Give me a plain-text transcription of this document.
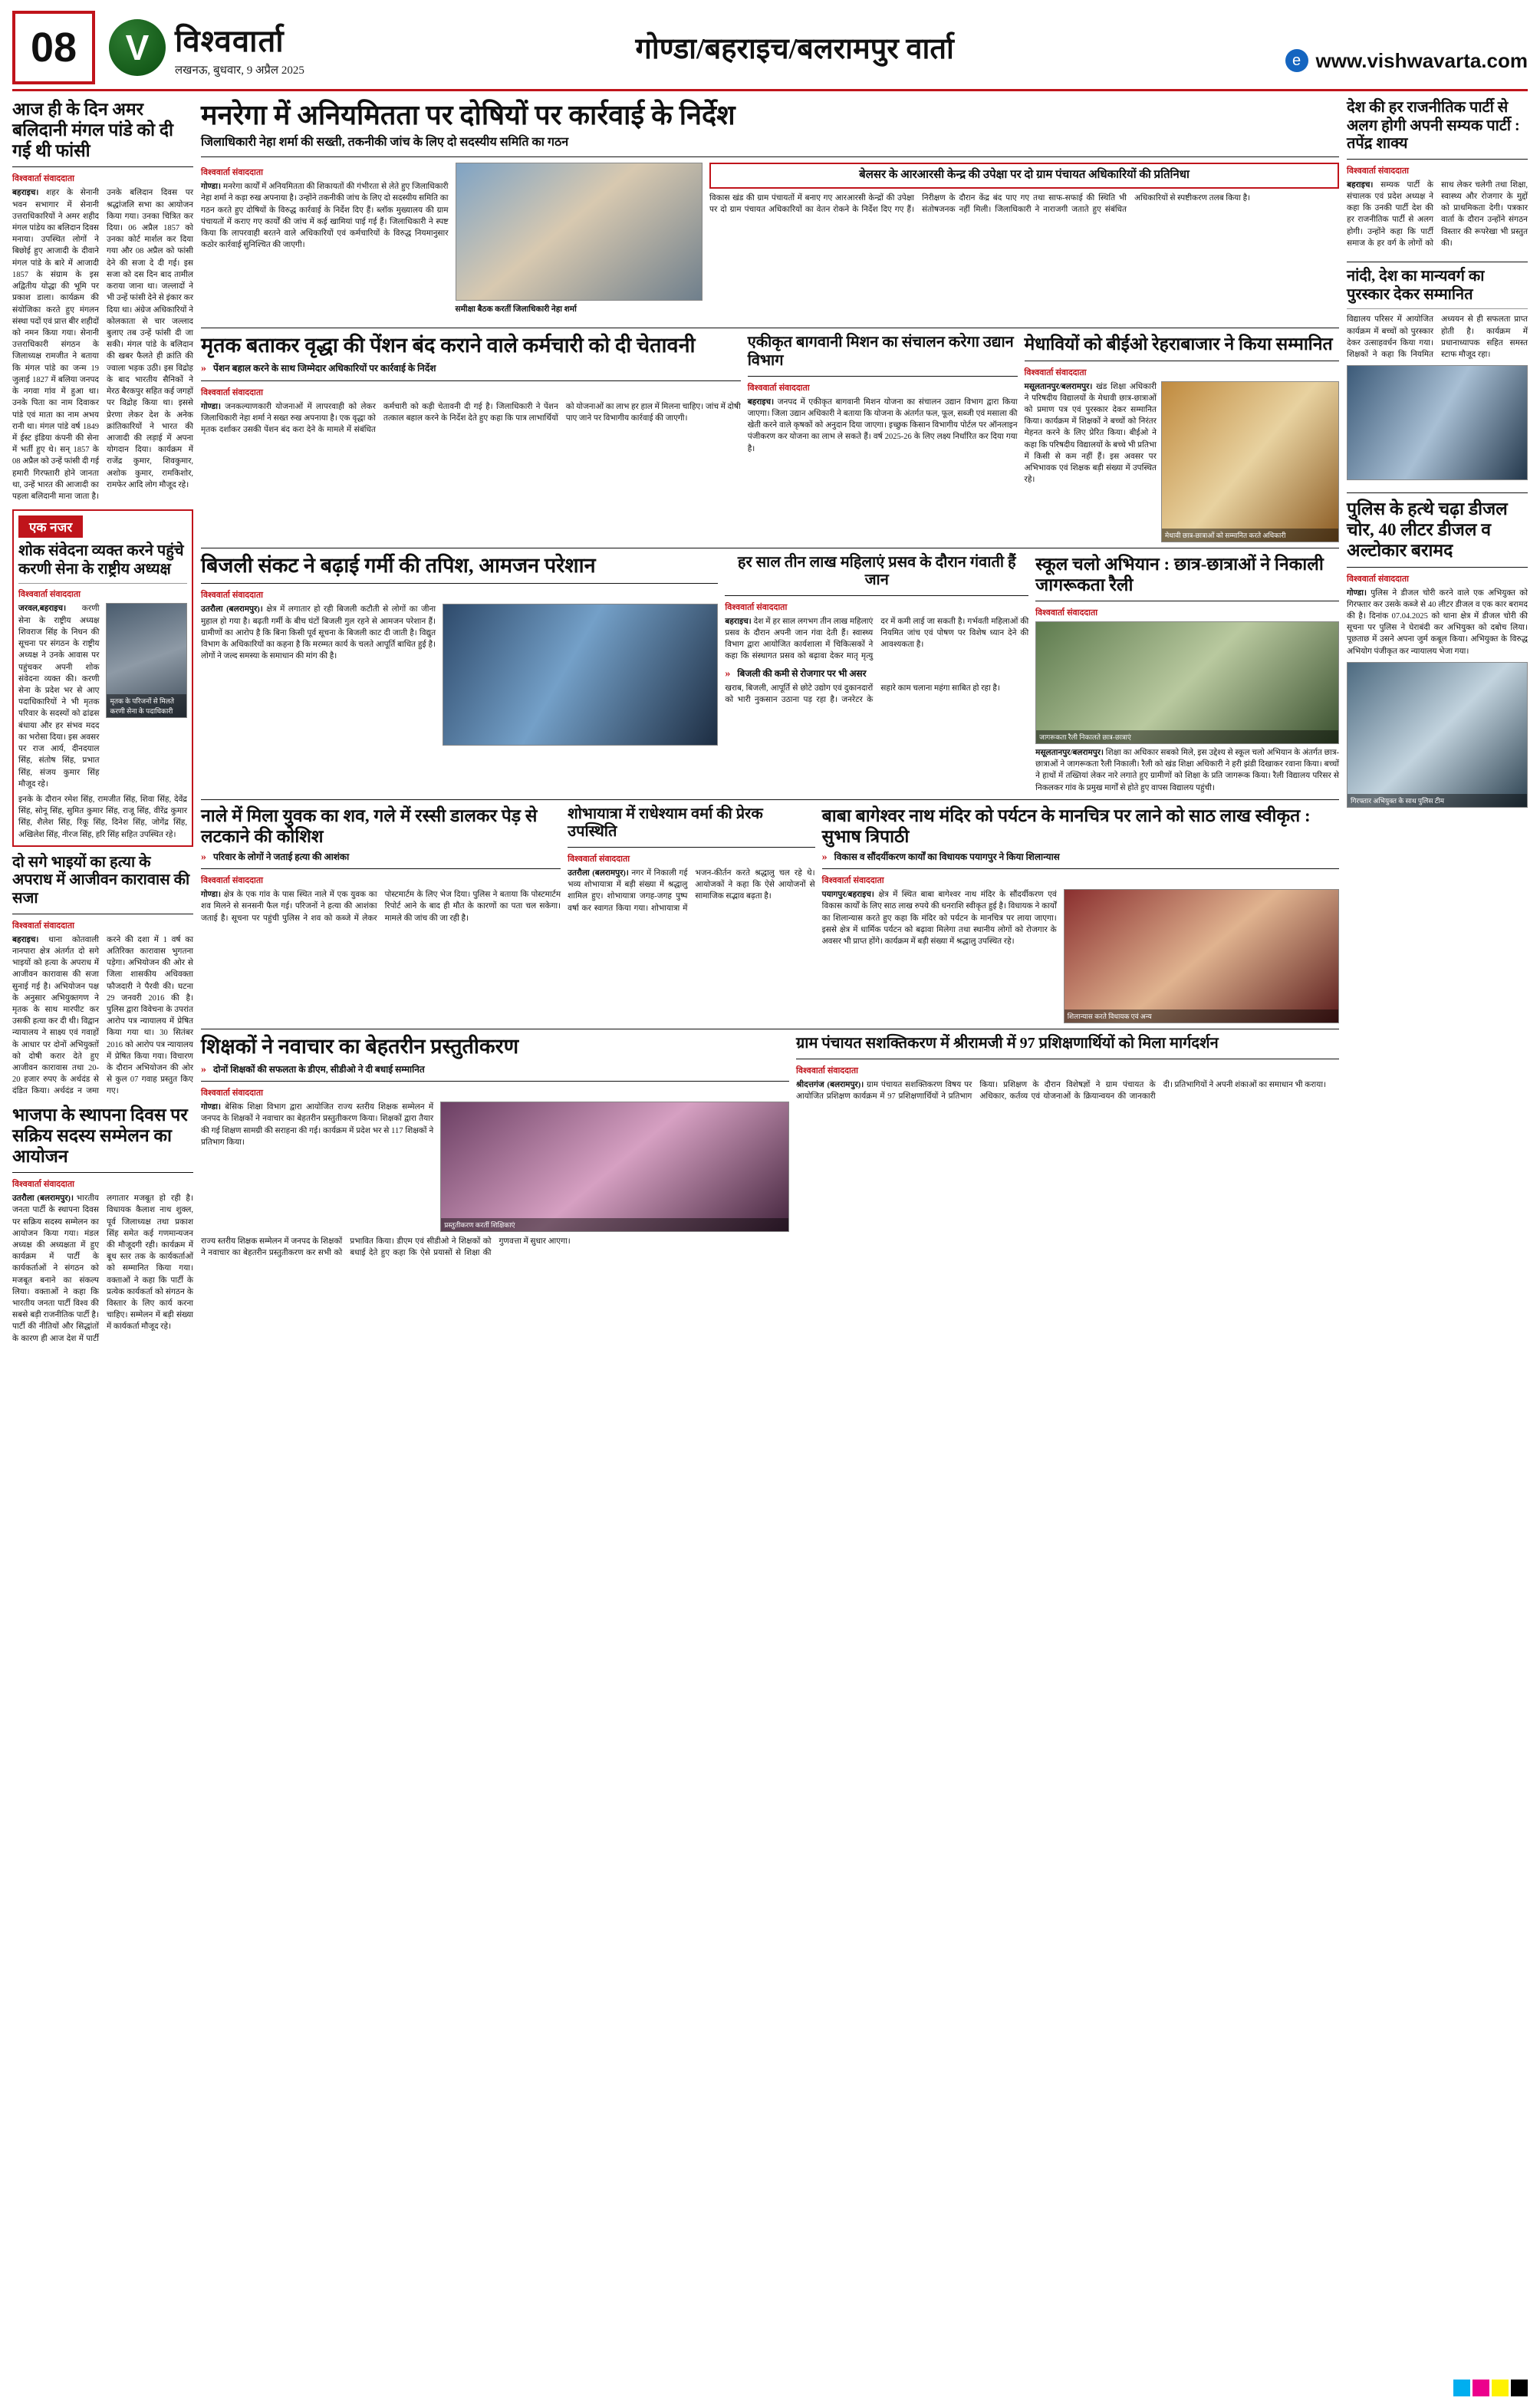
08 V	विश्ववार्ता
लखनऊ, बुधवार, 9 अप्रैल 2025
गोण्डा/बहराइच/बलरामपुर वार्ता e	www.vishwavarta.com
आज ही के दिन अमर बलिदानी मंगल पांडे को दी गई थी फांसी
विश्ववार्ता संवाददाता
बहराइच। शहर के सेनानी भवन सभागार में सेनानी उत्तराधिकारियों ने अमर शहीद मंगल पांडेय का बलिदान दिवस मनाया। उपस्थित लोगों ने बिछोई हुए आजादी के दीवाने मंगल पांडे के बारे में आजादी 1857 के संग्राम के इस अद्वितीय योद्धा की भूमि पर प्रकाश डाला। कार्यक्रम की संयोजिका करते हुए मंगलन संस्था पदों एवं प्रात्त बीर शहीदों को नमन किया गया। सेनानी उत्तराधिकारी संगठन के जिलाध्यक्ष रामजीत ने बताया कि मंगल पांडे का जन्म 19 जुलाई 1827 में बलिया जनपद के नगवा गांव में हुआ था। उनके पिता का नाम दिवाकर पांडे एवं माता का नाम अभय रानी था। मंगल पांडे वर्ष 1849 में ईस्ट इंडिया कंपनी की सेना में भर्ती हुए थे। सन् 1857 के 08 अप्रैल को उन्हें फांसी दी गई हमारी गिरफ्तारी होने जानता था, उन्हें भारत की आजादी का पहला बलिदानी माना जाता है। उनके बलिदान दिवस पर श्रद्धांजलि सभा का आयोजन किया गया। उनका चित्रित कर दिया। 06 अप्रैल 1857 को उनका कोर्ट मार्शल कर दिया गया और 08 अप्रैल को फांसी देने की सजा दे दी गई। इस सजा को दस दिन बाद तामील कराया जाना था। जल्लादों ने भी उन्हें फांसी देने से इंकार कर दिया था। अंग्रेज अधिकारियों ने कोलकाता से चार जल्लाद बुलाए तब उन्हें फांसी दी जा सकी। मंगल पांडे के बलिदान की खबर फैलते ही क्रांति की ज्वाला भड़क उठी। इस विद्रोह के बाद भारतीय सैनिकों ने मेरठ बैरकपुर सहित कई जगहों पर विद्रोह किया था। इससे प्रेरणा लेकर देश के अनेक क्रांतिकारियों ने भारत की आजादी की लड़ाई में अपना योगदान दिया। कार्यक्रम में राजेंद्र कुमार, शिवकुमार, अशोक कुमार, रामकिशोर, रामफेर आदि लोग मौजूद रहे।
एक नजर
शोक संवेदना व्यक्त करने पहुंचे करणी सेना के राष्ट्रीय अध्यक्ष
विश्ववार्ता संवाददाता
जरवल,बहराइच। करणी सेना के राष्ट्रीय अध्यक्ष शिवराज सिंह के निधन की सूचना पर संगठन के राष्ट्रीय अध्यक्ष ने उनके आवास पर पहुंचकर अपनी शोक संवेदना व्यक्त की। करणी सेना के प्रदेश भर से आए पदाधिकारियों ने भी मृतक परिवार के सदस्यों को ढांढस बंधाया और हर संभव मदद का भरोसा दिया। इस अवसर पर राज आर्य, दीनदयाल सिंह, संतोष सिंह, प्रभात सिंह, संजय कुमार सिंह मौजूद रहे।
मृतक के परिजनों से मिलते करणी सेना के पदाधिकारी
इनके के दौरान रमेश सिंह, रामजीत सिंह, शिवा सिंह, देवेंद्र सिंह, सोनू सिंह, सुमित कुमार सिंह, राजू सिंह, वीरेंद्र कुमार सिंह, शैलेश सिंह, रिंकू सिंह, दिनेश सिंह, जोगेंद्र सिंह, अखिलेश सिंह, नीरज सिंह, हरि सिंह सहित उपस्थित रहे।
दो सगे भाइयों का हत्या के अपराध में आजीवन कारावास की सजा
विश्ववार्ता संवाददाता
बहराइच। थाना कोतवाली नानपारा क्षेत्र अंतर्गत दो सगे भाइयों को हत्या के अपराध में आजीवन कारावास की सजा सुनाई गई है। अभियोजन पक्ष के अनुसार अभियुक्तगण ने मृतक के साथ मारपीट कर उसकी हत्या कर दी थी। विद्वान न्यायालय ने साक्ष्य एवं गवाहों के आधार पर दोनों अभियुक्तों को दोषी करार देते हुए आजीवन कारावास तथा 20-20 हजार रुपए के अर्थदंड से दंडित किया। अर्थदंड न जमा करने की दशा में 1 वर्ष का अतिरिक्त कारावास भुगतना पड़ेगा। अभियोजन की ओर से जिला शासकीय अधिवक्ता फौजदारी ने पैरवी की। घटना 29 जनवरी 2016 की है। पुलिस द्वारा विवेचना के उपरांत आरोप पत्र न्यायालय में प्रेषित किया गया था। 30 सितंबर 2016 को आरोप पत्र न्यायालय में प्रेषित किया गया। विचारण के दौरान अभियोजन की ओर से कुल 07 गवाह प्रस्तुत किए गए।
भाजपा के स्थापना दिवस पर सक्रिय सदस्य सम्मेलन का आयोजन
विश्ववार्ता संवाददाता
उतरौला (बलरामपुर)। भारतीय जनता पार्टी के स्थापना दिवस पर सक्रिय सदस्य सम्मेलन का आयोजन किया गया। मंडल अध्यक्ष की अध्यक्षता में हुए कार्यक्रम में पार्टी के कार्यकर्ताओं ने संगठन को मजबूत बनाने का संकल्प लिया। वक्ताओं ने कहा कि भारतीय जनता पार्टी विश्व की सबसे बड़ी राजनीतिक पार्टी है। पार्टी की नीतियों और सिद्धांतों के कारण ही आज देश में पार्टी लगातार मजबूत हो रही है। विधायक कैलाश नाथ शुक्ल, पूर्व जिलाध्यक्ष तथा प्रकाश सिंह समेत कई गणमान्यजन की मौजूदगी रही। कार्यक्रम में बूथ स्तर तक के कार्यकर्ताओं को सम्मानित किया गया। वक्ताओं ने कहा कि पार्टी के प्रत्येक कार्यकर्ता को संगठन के विस्तार के लिए कार्य करना चाहिए। सम्मेलन में बड़ी संख्या में कार्यकर्ता मौजूद रहे।
मनरेगा में अनियमितता पर दोषियों पर कार्रवाई के निर्देश
जिलाधिकारी नेहा शर्मा की सख्ती, तकनीकी जांच के लिए दो सदस्यीय समिति का गठन
विश्ववार्ता संवाददाता
गोण्डा। मनरेगा कार्यों में अनियमितता की शिकायतों की गंभीरता से लेते हुए जिलाधिकारी नेहा शर्मा ने कड़ा रुख अपनाया है। उन्होंने तकनीकी जांच के लिए दो सदस्यीय समिति का गठन करते हुए दोषियों के विरुद्ध कार्रवाई के निर्देश दिए हैं। ब्लॉक मुख्यालय की ग्राम पंचायतों में कराए गए कार्यों की जांच में कई खामियां पाई गई हैं। जिलाधिकारी ने स्पष्ट किया कि लापरवाही बरतने वाले अधिकारियों एवं कर्मचारियों के विरुद्ध नियमानुसार कठोर कार्रवाई सुनिश्चित की जाएगी।
समीक्षा बैठक करतीं जिलाधिकारी नेहा शर्मा
बेलसर के आरआरसी केन्द्र की उपेक्षा पर दो ग्राम पंचायत अधिकारियों की प्रतिनिधा
विकास खंड की ग्राम पंचायतों में बनाए गए आरआरसी केन्द्रों की उपेक्षा पर दो ग्राम पंचायत अधिकारियों का वेतन रोकने के निर्देश दिए गए हैं। निरीक्षण के दौरान केंद्र बंद पाए गए तथा साफ-सफाई की स्थिति भी संतोषजनक नहीं मिली। जिलाधिकारी ने नाराजगी जताते हुए संबंधित अधिकारियों से स्पष्टीकरण तलब किया है।
मृतक बताकर वृद्धा की पेंशन बंद कराने वाले कर्मचारी को दी चेतावनी
» पेंशन बहाल करने के साथ जिम्मेदार अधिकारियों पर कार्रवाई के निर्देश
विश्ववार्ता संवाददाता
गोण्डा। जनकल्याणकारी योजनाओं में लापरवाही को लेकर जिलाधिकारी नेहा शर्मा ने सख्त रुख अपनाया है। एक वृद्धा को मृतक दर्शाकर उसकी पेंशन बंद करा देने के मामले में संबंधित कर्मचारी को कड़ी चेतावनी दी गई है। जिलाधिकारी ने पेंशन तत्काल बहाल करने के निर्देश देते हुए कहा कि पात्र लाभार्थियों को योजनाओं का लाभ हर हाल में मिलना चाहिए। जांच में दोषी पाए जाने पर विभागीय कार्रवाई की जाएगी।
एकीकृत बागवानी मिशन का संचालन करेगा उद्यान विभाग
विश्ववार्ता संवाददाता
बहराइच। जनपद में एकीकृत बागवानी मिशन योजना का संचालन उद्यान विभाग द्वारा किया जाएगा। जिला उद्यान अधिकारी ने बताया कि योजना के अंतर्गत फल, फूल, सब्जी एवं मसाला की खेती करने वाले कृषकों को अनुदान दिया जाएगा। इच्छुक किसान विभागीय पोर्टल पर ऑनलाइन पंजीकरण कर योजना का लाभ ले सकते हैं। वर्ष 2025-26 के लिए लक्ष्य निर्धारित कर दिया गया है।
मेधावियों को बीईओ रेहराबाजार ने किया सम्मानित
विश्ववार्ता संवाददाता
मसूलतानपुर/बलरामपुर। खंड शिक्षा अधिकारी ने परिषदीय विद्यालयों के मेधावी छात्र-छात्राओं को प्रमाण पत्र एवं पुरस्कार देकर सम्मानित किया। कार्यक्रम में शिक्षकों ने बच्चों को निरंतर मेहनत करने के लिए प्रेरित किया। बीईओ ने कहा कि परिषदीय विद्यालयों के बच्चे भी प्रतिभा में किसी से कम नहीं हैं। इस अवसर पर अभिभावक एवं शिक्षक बड़ी संख्या में उपस्थित रहे।
मेधावी छात्र-छात्राओं को सम्मानित करते अधिकारी
बिजली संकट ने बढ़ाई गर्मी की तपिश, आमजन परेशान
विश्ववार्ता संवाददाता
उतरौला (बलरामपुर)। क्षेत्र में लगातार हो रही बिजली कटौती से लोगों का जीना मुहाल हो गया है। बढ़ती गर्मी के बीच घंटों बिजली गुल रहने से आमजन परेशान हैं। ग्रामीणों का आरोप है कि बिना किसी पूर्व सूचना के बिजली काट दी जाती है। विद्युत विभाग के अधिकारियों का कहना है कि मरम्मत कार्य के चलते आपूर्ति बाधित हुई है। लोगों ने जल्द समस्या के समाधान की मांग की है।
हर साल तीन लाख महिलाएं प्रसव के दौरान गंवाती हैं जान
विश्ववार्ता संवाददाता
बहराइच। देश में हर साल लगभग तीन लाख महिलाएं प्रसव के दौरान अपनी जान गंवा देती हैं। स्वास्थ्य विभाग द्वारा आयोजित कार्यशाला में चिकित्सकों ने कहा कि संस्थागत प्रसव को बढ़ावा देकर मातृ मृत्यु दर में कमी लाई जा सकती है। गर्भवती महिलाओं की नियमित जांच एवं पोषण पर विशेष ध्यान देने की आवश्यकता है।
» बिजली की कमी से रोजगार पर भी असर
खराब, बिजली, आपूर्ति से छोटे उद्योग एवं दुकानदारों को भारी नुकसान उठाना पड़ रहा है। जनरेटर के सहारे काम चलाना महंगा साबित हो रहा है।
स्कूल चलो अभियान : छात्र-छात्राओं ने निकाली जागरूकता रैली
विश्ववार्ता संवाददाता
जागरूकता रैली निकालते छात्र-छात्राएं
मसूलतानपुर/बलरामपुर। शिक्षा का अधिकार सबको मिले, इस उद्देश्य से स्कूल चलो अभियान के अंतर्गत छात्र-छात्राओं ने जागरूकता रैली निकाली। रैली को खंड शिक्षा अधिकारी ने हरी झंडी दिखाकर रवाना किया। बच्चों ने हाथों में तख्तियां लेकर नारे लगाते हुए ग्रामीणों को शिक्षा के प्रति जागरूक किया। रैली विद्यालय परिसर से निकलकर गांव के प्रमुख मार्गों से होते हुए वापस विद्यालय पहुंची।
नाले में मिला युवक का शव, गले में रस्सी डालकर पेड़ से लटकाने की कोशिश
» परिवार के लोगों ने जताई हत्या की आशंका
विश्ववार्ता संवाददाता
गोण्डा। क्षेत्र के एक गांव के पास स्थित नाले में एक युवक का शव मिलने से सनसनी फैल गई। परिजनों ने हत्या की आशंका जताई है। सूचना पर पहुंची पुलिस ने शव को कब्जे में लेकर पोस्टमार्टम के लिए भेज दिया। पुलिस ने बताया कि पोस्टमार्टम रिपोर्ट आने के बाद ही मौत के कारणों का पता चल सकेगा। मामले की जांच की जा रही है।
शोभायात्रा में राधेश्याम वर्मा की प्रेरक उपस्थिति
विश्ववार्ता संवाददाता
उतरौला (बलरामपुर)। नगर में निकाली गई भव्य शोभायात्रा में बड़ी संख्या में श्रद्धालु शामिल हुए। शोभायात्रा जगह-जगह पुष्प वर्षा कर स्वागत किया गया। शोभायात्रा में भजन-कीर्तन करते श्रद्धालु चल रहे थे। आयोजकों ने कहा कि ऐसे आयोजनों से सामाजिक सद्भाव बढ़ता है।
बाबा बागेश्वर नाथ मंदिर को पर्यटन के मानचित्र पर लाने को साठ लाख स्वीकृत : सुभाष त्रिपाठी
» विकास व सौंदर्यीकरण कार्यों का विधायक पयागपुर ने किया शिलान्यास
विश्ववार्ता संवाददाता
पयागपुर/बहराइच। क्षेत्र में स्थित बाबा बागेश्वर नाथ मंदिर के सौंदर्यीकरण एवं विकास कार्यों के लिए साठ लाख रुपये की धनराशि स्वीकृत हुई है। विधायक ने कार्यों का शिलान्यास करते हुए कहा कि मंदिर को पर्यटन के मानचित्र पर लाया जाएगा। इससे क्षेत्र में धार्मिक पर्यटन को बढ़ावा मिलेगा तथा स्थानीय लोगों को रोजगार के अवसर भी प्राप्त होंगे। कार्यक्रम में बड़ी संख्या में श्रद्धालु उपस्थित रहे।
शिलान्यास करते विधायक एवं अन्य
शिक्षकों ने नवाचार का बेहतरीन प्रस्तुतीकरण
» दोनों शिक्षकों की सफलता के डीएम, सीडीओ ने दी बधाई सम्मानित
विश्ववार्ता संवाददाता
गोण्डा। बेसिक शिक्षा विभाग द्वारा आयोजित राज्य स्तरीय शिक्षक सम्मेलन में जनपद के शिक्षकों ने नवाचार का बेहतरीन प्रस्तुतीकरण किया। शिक्षकों द्वारा तैयार की गई शिक्षण सामग्री की सराहना की गई। कार्यक्रम में प्रदेश भर से 117 शिक्षकों ने प्रतिभाग किया।
प्रस्तुतीकरण करतीं शिक्षिकाएं
राज्य स्तरीय शिक्षक सम्मेलन में जनपद के शिक्षकों ने नवाचार का बेहतरीन प्रस्तुतीकरण कर सभी को प्रभावित किया। डीएम एवं सीडीओ ने शिक्षकों को बधाई देते हुए कहा कि ऐसे प्रयासों से शिक्षा की गुणवत्ता में सुधार आएगा।
ग्राम पंचायत सशक्तिकरण में श्रीरामजी में 97 प्रशिक्षणार्थियों को मिला मार्गदर्शन
विश्ववार्ता संवाददाता
श्रीदत्तगंज (बलरामपुर)। ग्राम पंचायत सशक्तिकरण विषय पर आयोजित प्रशिक्षण कार्यक्रम में 97 प्रशिक्षणार्थियों ने प्रतिभाग किया। प्रशिक्षण के दौरान विशेषज्ञों ने ग्राम पंचायत के अधिकार, कर्तव्य एवं योजनाओं के क्रियान्वयन की जानकारी दी। प्रतिभागियों ने अपनी शंकाओं का समाधान भी कराया।
देश की हर राजनीतिक पार्टी से अलग होगी अपनी सम्यक पार्टी : तपेंद्र शाक्य
विश्ववार्ता संवाददाता
बहराइच। सम्यक पार्टी के संचालक एवं प्रदेश अध्यक्ष ने कहा कि उनकी पार्टी देश की हर राजनीतिक पार्टी से अलग होगी। उन्होंने कहा कि पार्टी समाज के हर वर्ग के लोगों को साथ लेकर चलेगी तथा शिक्षा, स्वास्थ्य और रोजगार के मुद्दों को प्राथमिकता देगी। पत्रकार वार्ता के दौरान उन्होंने संगठन विस्तार की रूपरेखा भी प्रस्तुत की।
नांदी, देश का मान्यवर्ग का पुरस्कार देकर सम्मानित
विद्यालय परिसर में आयोजित कार्यक्रम में बच्चों को पुरस्कार देकर उत्साहवर्धन किया गया। शिक्षकों ने कहा कि नियमित अध्ययन से ही सफलता प्राप्त होती है। कार्यक्रम में प्रधानाध्यापक सहित समस्त स्टाफ मौजूद रहा।
पुलिस के हत्थे चढ़ा डीजल चोर, 40 लीटर डीजल व अल्टोकार बरामद
विश्ववार्ता संवाददाता
गोण्डा। पुलिस ने डीजल चोरी करने वाले एक अभियुक्त को गिरफ्तार कर उसके कब्जे से 40 लीटर डीजल व एक कार बरामद की है। दिनांक 07.04.2025 को थाना क्षेत्र में डीजल चोरी की सूचना पर पुलिस ने घेराबंदी कर अभियुक्त को दबोच लिया। पूछताछ में उसने अपना जुर्म कबूल किया। अभियुक्त के विरुद्ध अभियोग पंजीकृत कर न्यायालय भेजा गया।
गिरफ्तार अभियुक्त के साथ पुलिस टीम
